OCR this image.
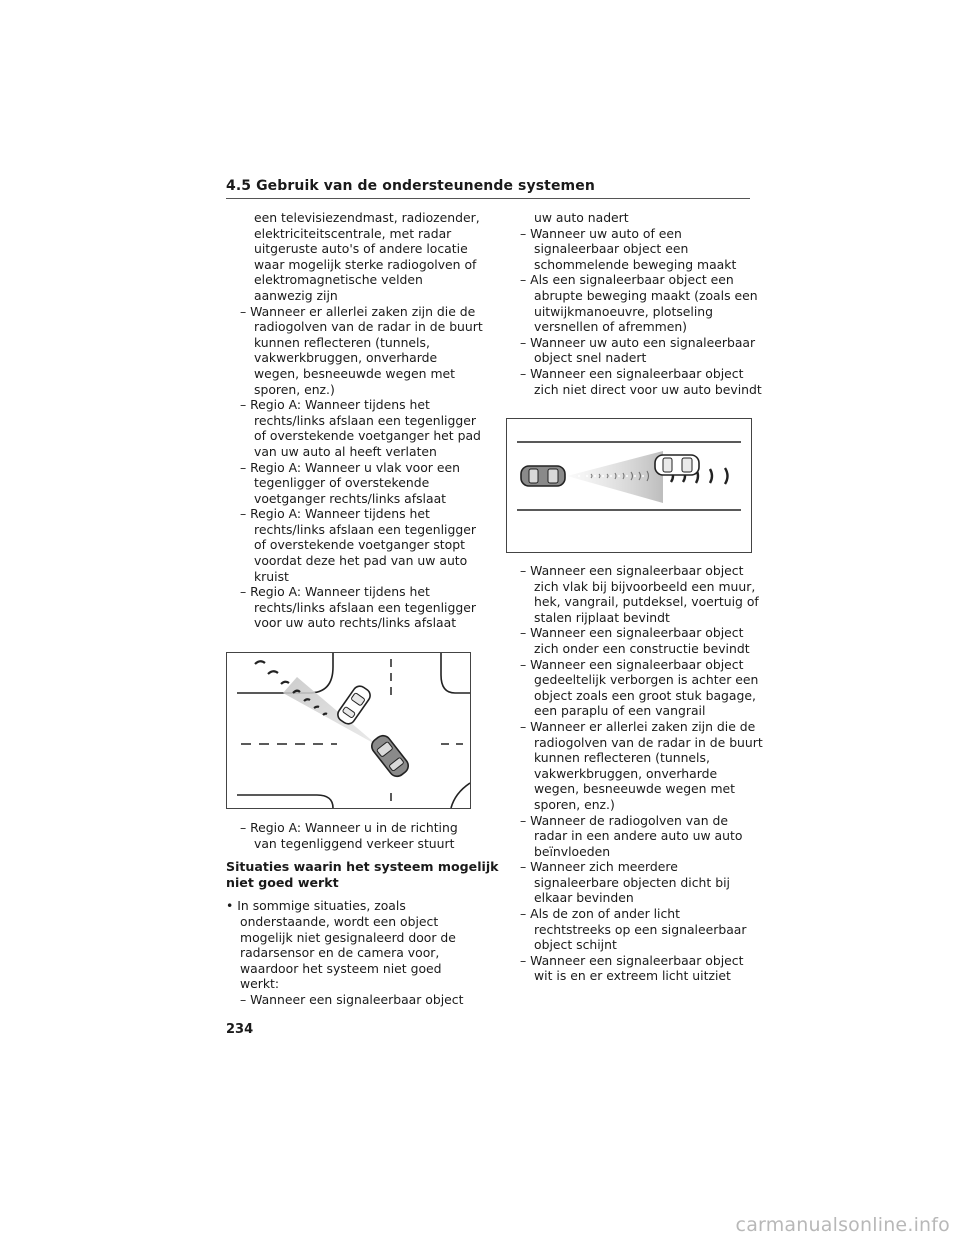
4.5 Gebruik van de ondersteunende systemen
een televisiezendmast, radiozender,
elektriciteitscentrale, met radar
uitgeruste auto's of andere locatie
waar mogelijk sterke radiogolven of
elektromagnetische velden
aanwezig zijn
– Wanneer er allerlei zaken zijn die de
radiogolven van de radar in de buurt
kunnen reflecteren (tunnels,
vakwerkbruggen, onverharde
wegen, besneeuwde wegen met
sporen, enz.)
– Regio A: Wanneer tijdens het
rechts/links afslaan een tegenligger
of overstekende voetganger het pad
van uw auto al heeft verlaten
– Regio A: Wanneer u vlak voor een
tegenligger of overstekende
voetganger rechts/links afslaat
– Regio A: Wanneer tijdens het
rechts/links afslaan een tegenligger
of overstekende voetganger stopt
voordat deze het pad van uw auto
kruist
– Regio A: Wanneer tijdens het
rechts/links afslaan een tegenligger
voor uw auto rechts/links afslaat
– Regio A: Wanneer u in de richting
van tegenliggend verkeer stuurt
Situaties waarin het systeem mogelijk
niet goed werkt
• In sommige situaties, zoals
onderstaande, wordt een object
mogelijk niet gesignaleerd door de
radarsensor en de camera voor,
waardoor het systeem niet goed
werkt:
– Wanneer een signaleerbaar object
uw auto nadert
– Wanneer uw auto of een
signaleerbaar object een
schommelende beweging maakt
– Als een signaleerbaar object een
abrupte beweging maakt (zoals een
uitwijkmanoeuvre, plotseling
versnellen of afremmen)
– Wanneer uw auto een signaleerbaar
object snel nadert
– Wanneer een signaleerbaar object
zich niet direct voor uw auto bevindt
– Wanneer een signaleerbaar object
zich vlak bij bijvoorbeeld een muur,
hek, vangrail, putdeksel, voertuig of
stalen rijplaat bevindt
– Wanneer een signaleerbaar object
zich onder een constructie bevindt
– Wanneer een signaleerbaar object
gedeeltelijk verborgen is achter een
object zoals een groot stuk bagage,
een paraplu of een vangrail
– Wanneer er allerlei zaken zijn die de
radiogolven van de radar in de buurt
kunnen reflecteren (tunnels,
vakwerkbruggen, onverharde
wegen, besneeuwde wegen met
sporen, enz.)
– Wanneer de radiogolven van de
radar in een andere auto uw auto
beïnvloeden
– Wanneer zich meerdere
signaleerbare objecten dicht bij
elkaar bevinden
– Als de zon of ander licht
rechtstreeks op een signaleerbaar
object schijnt
– Wanneer een signaleerbaar object
wit is en er extreem licht uitziet
234
carmanualsonline.info
